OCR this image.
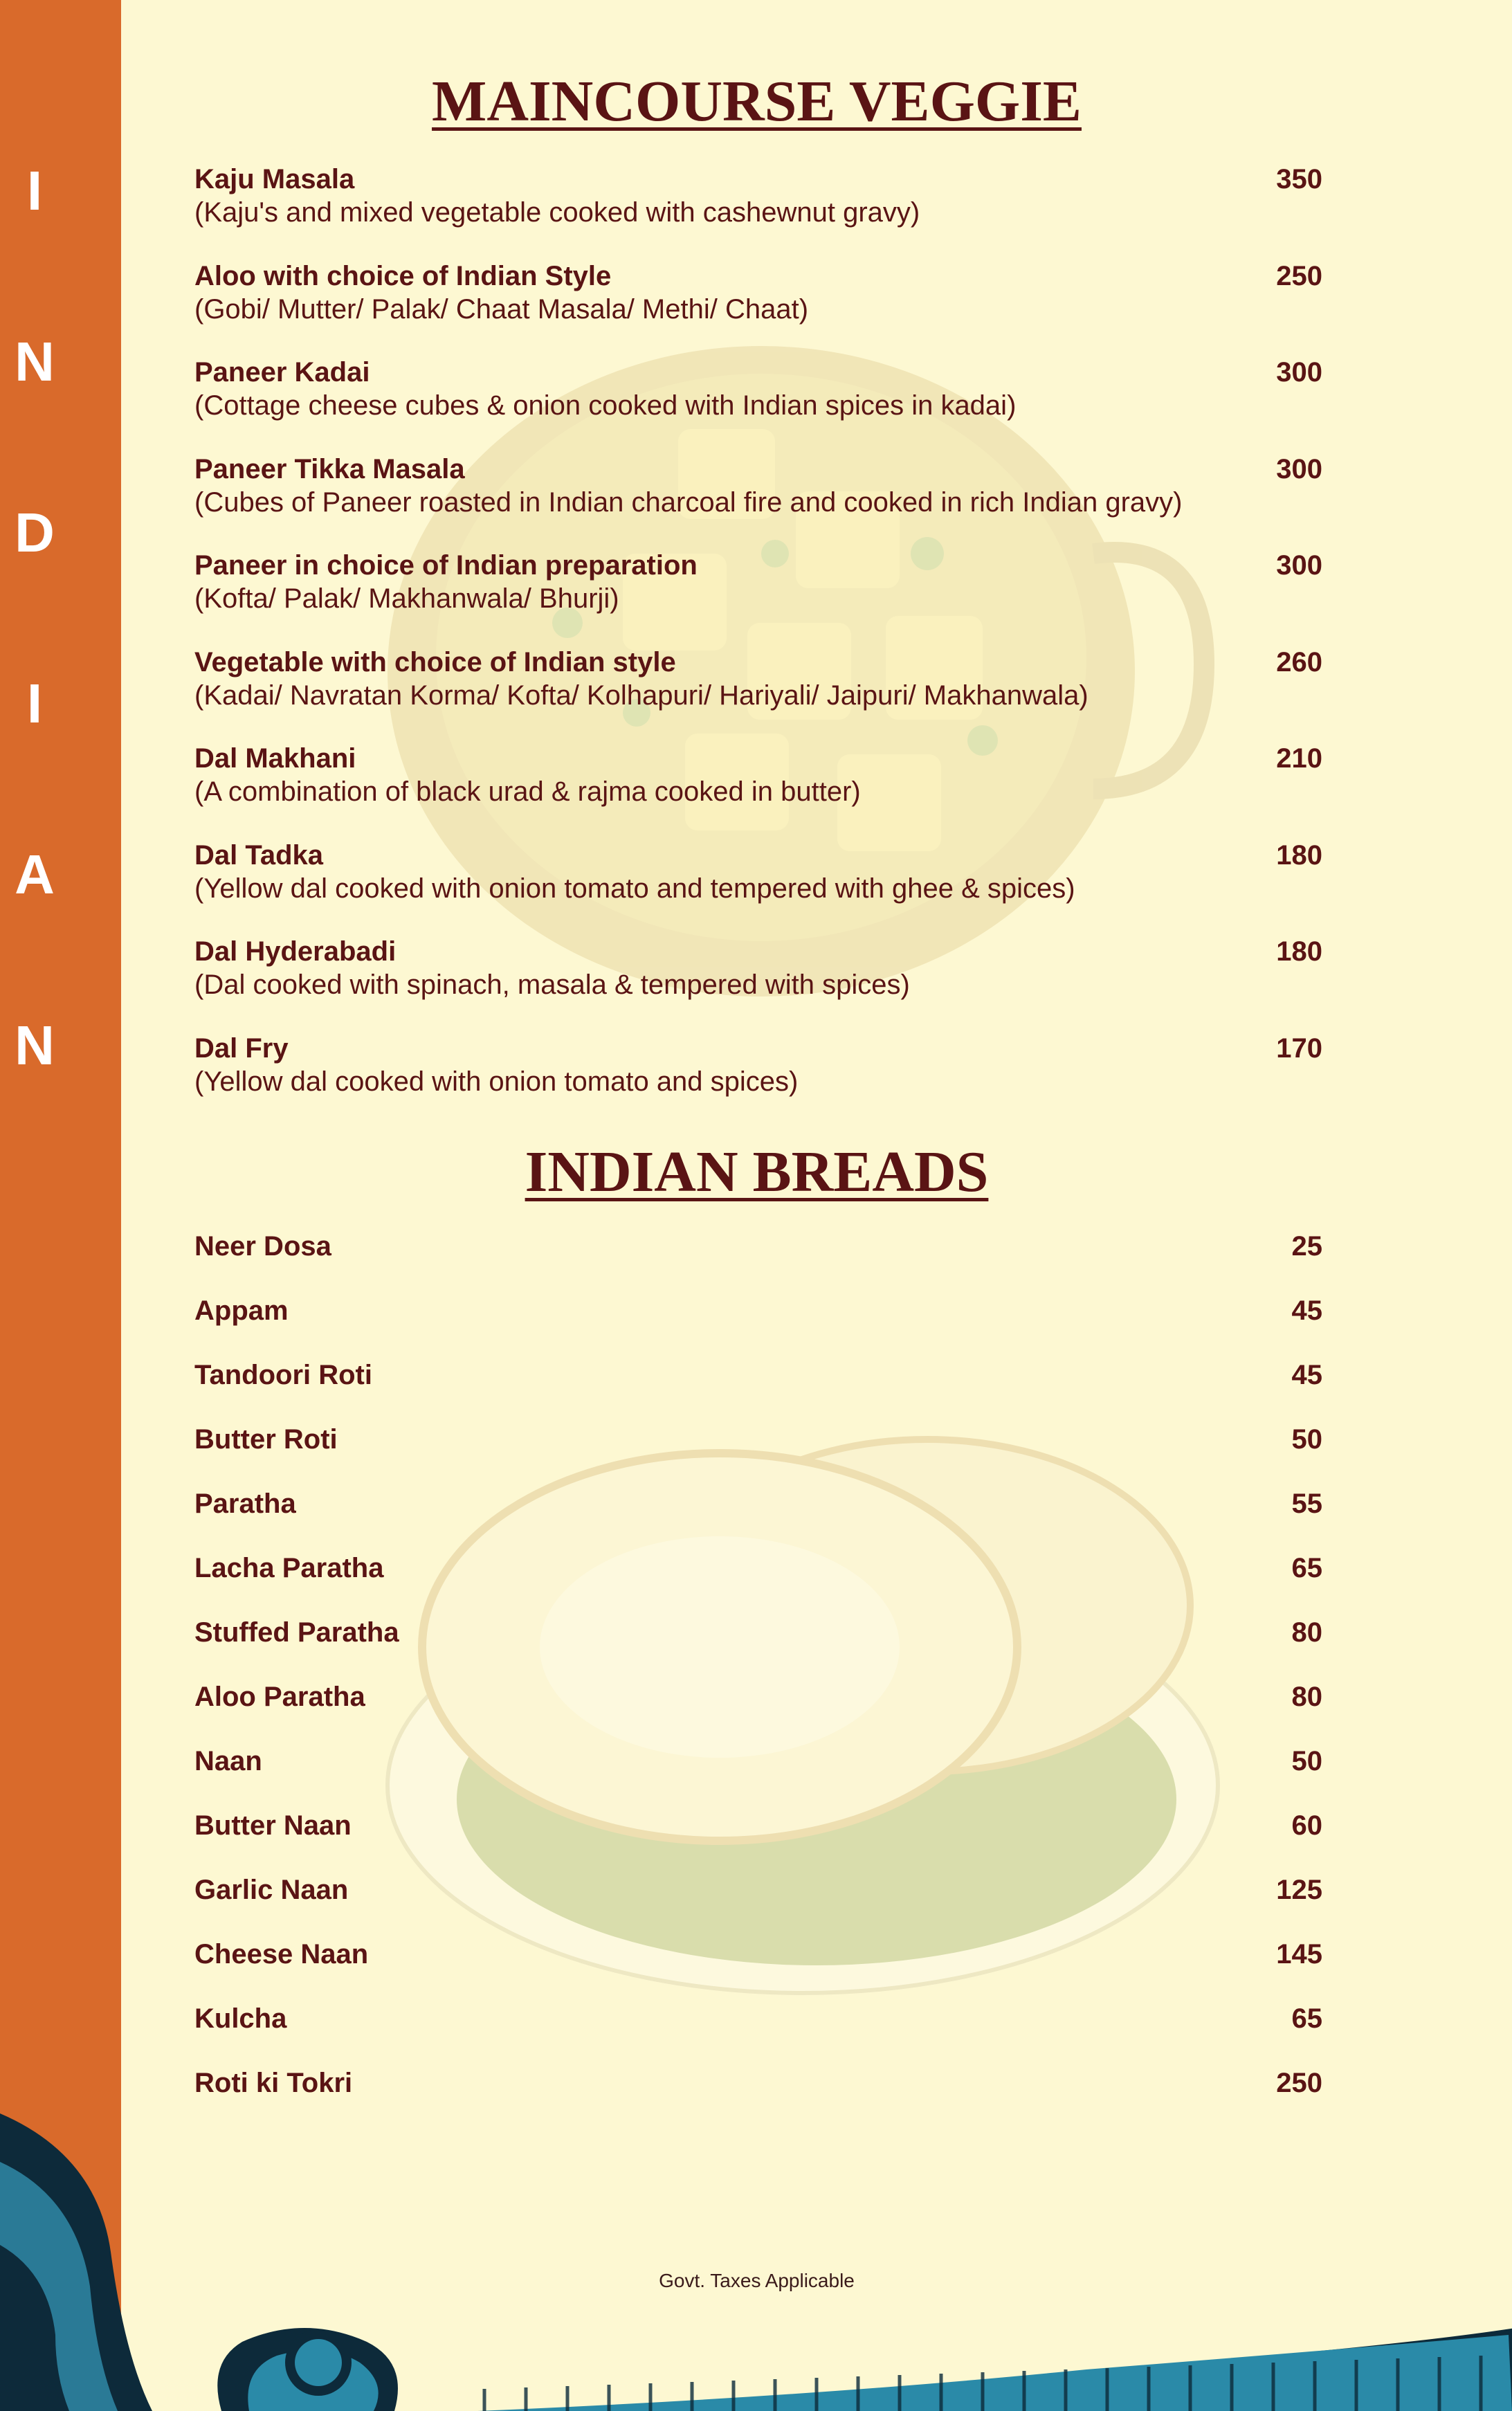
I
N
D
I
A
N
MAINCOURSE VEGGIE
Kaju Masala
(Kaju's and mixed vegetable cooked with cashewnut gravy)
350
Aloo with choice of Indian Style
(Gobi/ Mutter/ Palak/ Chaat Masala/ Methi/ Chaat)
250
Paneer Kadai
(Cottage cheese cubes & onion cooked with Indian spices in kadai)
300
Paneer Tikka Masala
(Cubes of Paneer roasted in Indian charcoal fire and cooked in rich Indian gravy)
300
Paneer in choice of Indian preparation
(Kofta/ Palak/ Makhanwala/ Bhurji)
300
Vegetable with choice of Indian style
(Kadai/ Navratan Korma/ Kofta/ Kolhapuri/ Hariyali/ Jaipuri/ Makhanwala)
260
Dal Makhani
(A combination of black urad & rajma cooked in butter)
210
Dal Tadka
(Yellow dal cooked with onion tomato and tempered with ghee & spices)
180
Dal Hyderabadi
(Dal cooked with spinach, masala & tempered with spices)
180
Dal Fry
(Yellow dal cooked with onion tomato and spices)
170
INDIAN BREADS
Neer Dosa	25
Appam	45
Tandoori Roti	45
Butter Roti	50
Paratha	55
Lacha Paratha	65
Stuffed Paratha	80
Aloo Paratha	80
Naan	50
Butter Naan	60
Garlic Naan	125
Cheese Naan	145
Kulcha	65
Roti ki Tokri	250
Govt. Taxes Applicable
